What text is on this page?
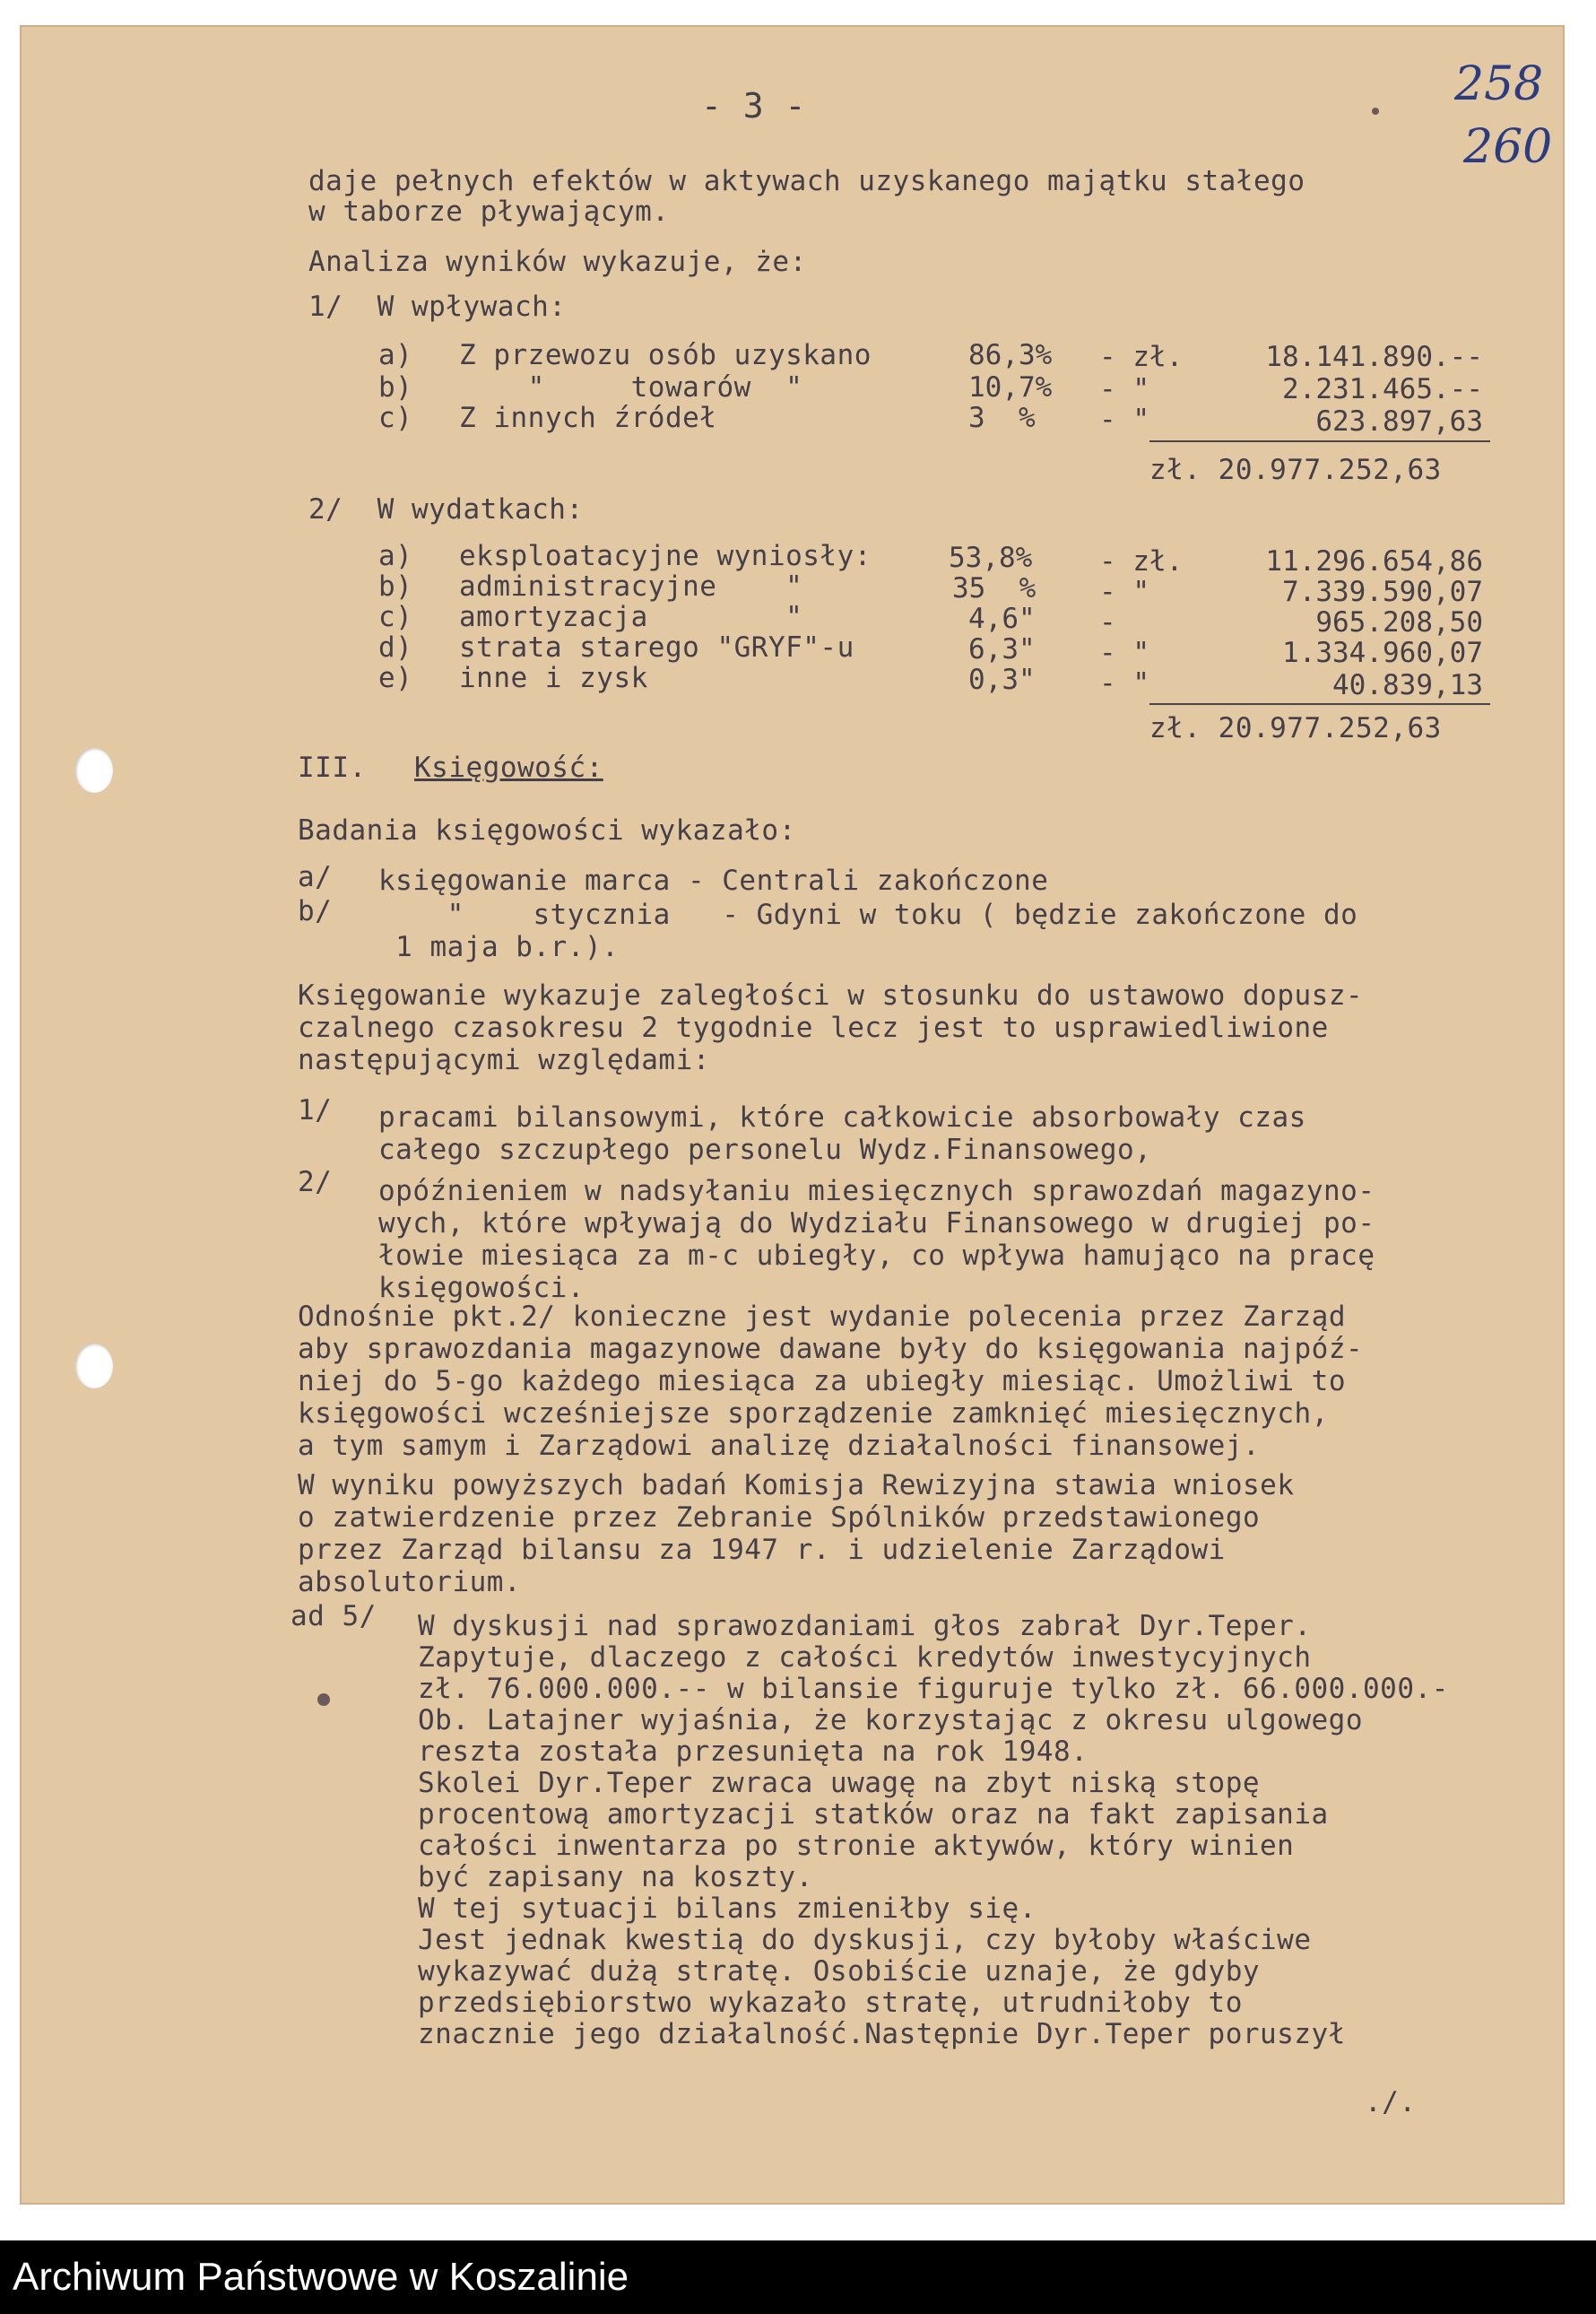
258
260
- 3 -
daje pełnych efektów w aktywach uzyskanego majątku stałego
w taborze pływającym.
Analiza wyników wykazuje, że:
1/  W wpływach:
a) Z przewozu osób uzyskano	86,3% - zł.	18.141.890.--
b) "     towarów  "	10,7% - "	2.231.465.--
c) Z innych źródeł	3  % - "	623.897,63
zł. 20.977.252,63
2/  W wydatkach:
a) eksploatacyjne wyniosły:	53,8% - zł.	11.296.654,86
b) administracyjne    "	35  % - "	7.339.590,07
c) amortyzacja        "	4,6" -	965.208,50
d) strata starego "GRYF"-u	6,3" - "	1.334.960,07
e) inne i zysk	0,3" - "	40.839,13
zł. 20.977.252,63
III. Księgowość:
Badania księgowości wykazało:
a/ księgowanie marca - Centrali zakończone
b/	"    stycznia   - Gdyni w toku ( będzie zakończone do
1 maja b.r.).
Księgowanie wykazuje zaległości w stosunku do ustawowo dopusz-
czalnego czasokresu 2 tygodnie lecz jest to usprawiedliwione
następującymi względami:
1/ pracami bilansowymi, które całkowicie absorbowały czas
całego szczupłego personelu Wydz.Finansowego,
2/ opóźnieniem w nadsyłaniu miesięcznych sprawozdań magazyno-
wych, które wpływają do Wydziału Finansowego w drugiej po-
łowie miesiąca za m-c ubiegły, co wpływa hamująco na pracę
księgowości.
Odnośnie pkt.2/ konieczne jest wydanie polecenia przez Zarząd
aby sprawozdania magazynowe dawane były do księgowania najpóź-
niej do 5-go każdego miesiąca za ubiegły miesiąc. Umożliwi to
księgowości wcześniejsze sporządzenie zamknięć miesięcznych,
a tym samym i Zarządowi analizę działalności finansowej.
W wyniku powyższych badań Komisja Rewizyjna stawia wniosek
o zatwierdzenie przez Zebranie Spólników przedstawionego
przez Zarząd bilansu za 1947 r. i udzielenie Zarządowi
absolutorium.
ad 5/ W dyskusji nad sprawozdaniami głos zabrał Dyr.Teper.
Zapytuje, dlaczego z całości kredytów inwestycyjnych
zł. 76.000.000.-- w bilansie figuruje tylko zł. 66.000.000.-
Ob. Latajner wyjaśnia, że korzystając z okresu ulgowego
reszta została przesunięta na rok 1948.
Skolei Dyr.Teper zwraca uwagę na zbyt niską stopę
procentową amortyzacji statków oraz na fakt zapisania
całości inwentarza po stronie aktywów, który winien
być zapisany na koszty.
W tej sytuacji bilans zmieniłby się.
Jest jednak kwestią do dyskusji, czy byłoby właściwe
wykazywać dużą stratę. Osobiście uznaje, że gdyby
przedsiębiorstwo wykazało stratę, utrudniłoby to
znacznie jego działalność.Następnie Dyr.Teper poruszył
./.
Archiwum Państwowe w Koszalinie
